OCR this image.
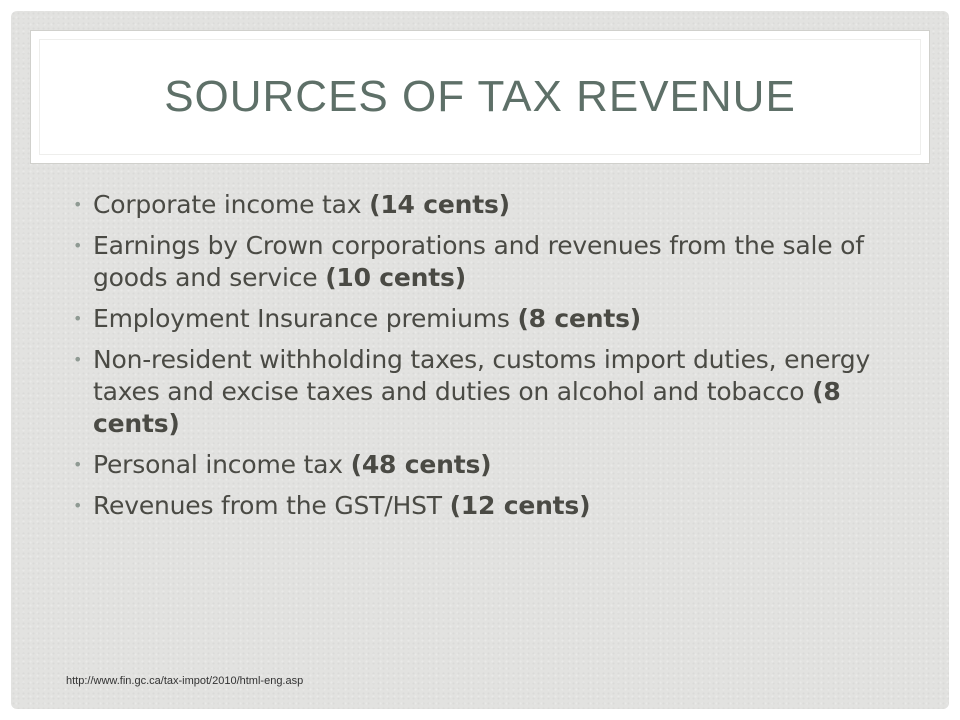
SOURCES OF TAX REVENUE
• Corporate income tax (14 cents)
• Earnings by Crown corporations and revenues from the sale of goods and service (10 cents)
• Employment Insurance premiums (8 cents)
• Non-resident withholding taxes, customs import duties, energy taxes and excise taxes and duties on alcohol and tobacco (8 cents)
• Personal income tax (48 cents)
• Revenues from the GST/HST (12 cents)
http://www.fin.gc.ca/tax-impot/2010/html-eng.asp
